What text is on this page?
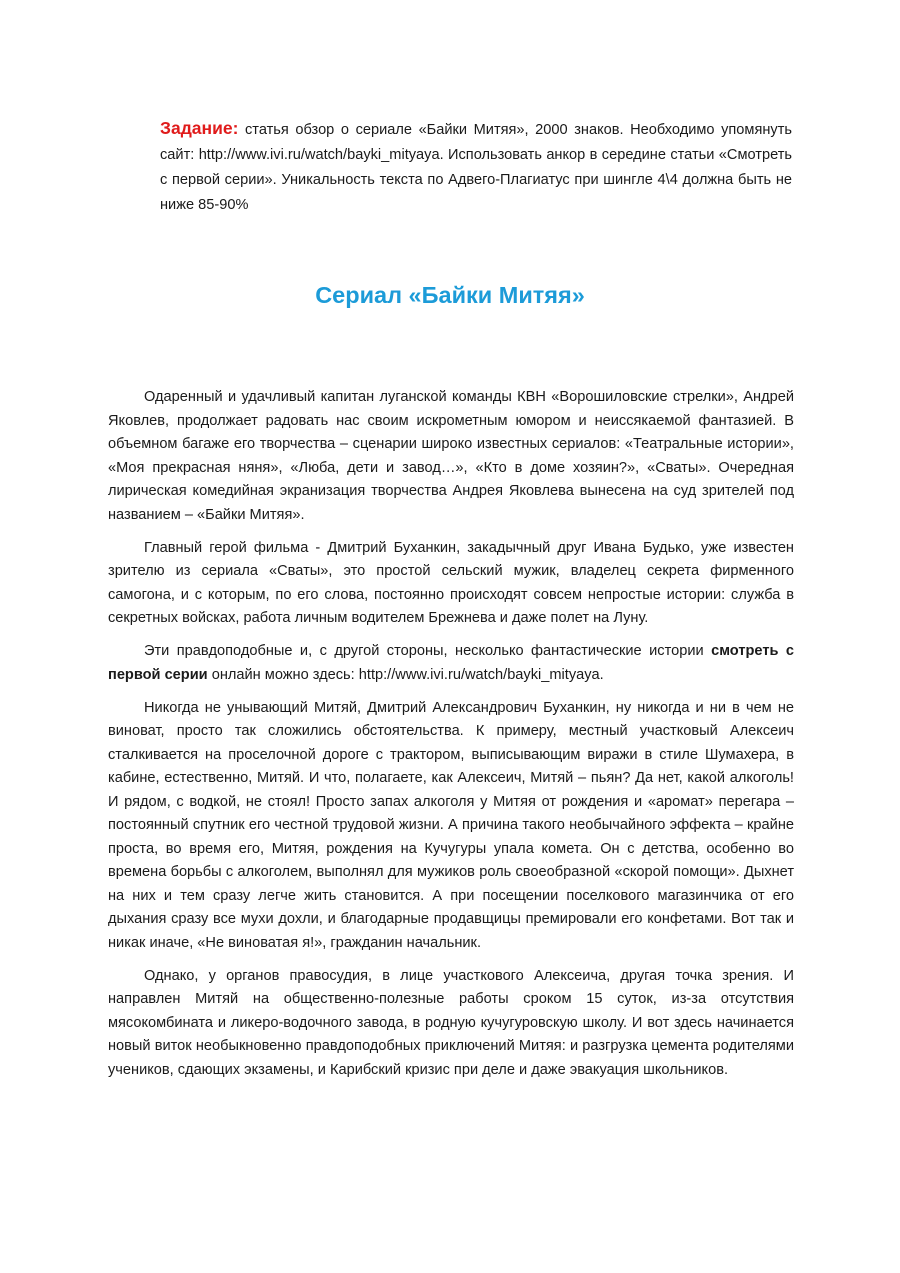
Задание: статья обзор о сериале «Байки Митяя», 2000 знаков. Необходимо упомянуть сайт: http://www.ivi.ru/watch/bayki_mityaya. Использовать анкор в середине статьи «Смотреть с первой серии». Уникальность текста по Адвего-Плагиатус при шингле 4\4 должна быть не ниже 85-90%
Сериал «Байки Митяя»

Одаренный и удачливый капитан луганской команды КВН «Ворошиловские стрелки», Андрей Яковлев, продолжает радовать нас своим искрометным юмором и неиссякаемой фантазией. В объемном багаже его творчества – сценарии широко известных сериалов: «Театральные истории», «Моя прекрасная няня», «Люба, дети и завод…», «Кто в доме хозяин?», «Сваты». Очередная лирическая комедийная экранизация творчества Андрея Яковлева вынесена на суд зрителей под названием – «Байки Митяя».

Главный герой фильма - Дмитрий Буханкин, закадычный друг Ивана Будько, уже известен зрителю из сериала «Сваты», это простой сельский мужик, владелец секрета фирменного самогона, и с которым, по его слова, постоянно происходят совсем непростые истории: служба в секретных войсках, работа личным водителем Брежнева и даже полет на Луну.

Эти правдоподобные и, с другой стороны, несколько фантастические истории смотреть с первой серии онлайн можно здесь: http://www.ivi.ru/watch/bayki_mityaya.

Никогда не унывающий Митяй, Дмитрий Александрович Буханкин, ну никогда и ни в чем не виноват, просто так сложились обстоятельства. К примеру, местный участковый Алексеич сталкивается на проселочной дороге с трактором, выписывающим виражи в стиле Шумахера, в кабине, естественно, Митяй. И что, полагаете, как Алексеич, Митяй – пьян? Да нет, какой алкоголь! И рядом, с водкой, не стоял! Просто запах алкоголя у Митяя от рождения и «аромат» перегара – постоянный спутник его честной трудовой жизни. А причина такого необычайного эффекта – крайне проста, во время его, Митяя, рождения на Кучугуры упала комета. Он с детства, особенно во времена борьбы с алкоголем, выполнял для мужиков роль своеобразной «скорой помощи». Дыхнет на них и тем сразу легче жить становится. А при посещении поселкового магазинчика от его дыхания сразу все мухи дохли, и благодарные продавщицы премировали его конфетами. Вот так и никак иначе, «Не виноватая я!», гражданин начальник.

Однако, у органов правосудия, в лице участкового Алексеича, другая точка зрения. И направлен Митяй на общественно-полезные работы сроком 15 суток, из-за отсутствия мясокомбината и ликеро-водочного завода, в родную кучугуровскую школу. И вот здесь начинается новый виток необыкновенно правдоподобных приключений Митяя: и разгрузка цемента родителями учеников, сдающих экзамены, и Карибский кризис при деле и даже эвакуация школьников.
